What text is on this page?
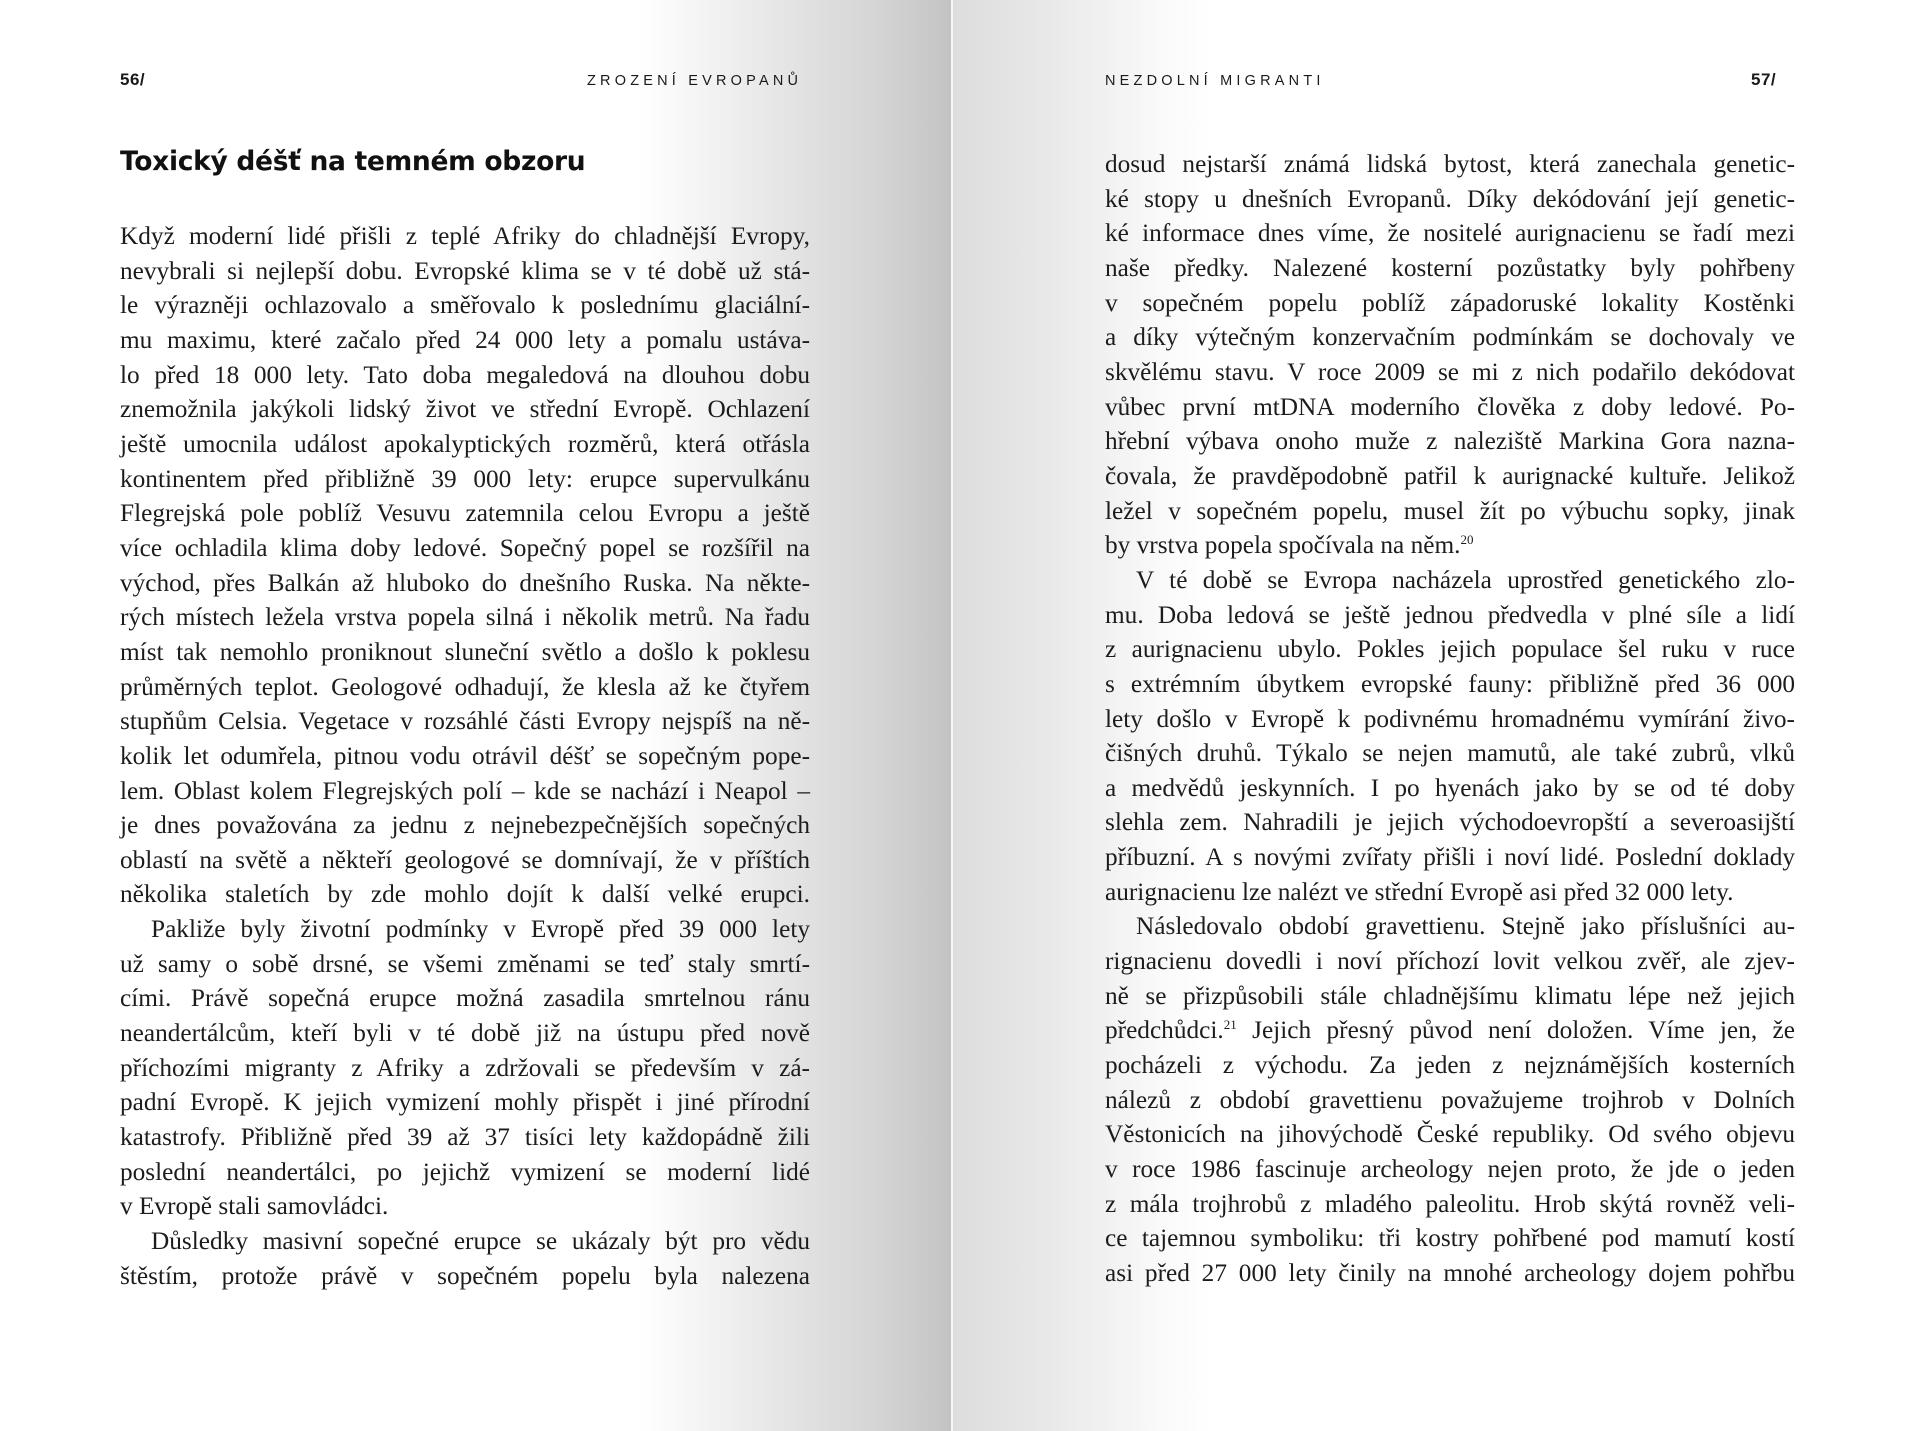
56/	ZROZENÍ EVROPANŮ
Toxický déšť na temném obzoru

Když moderní lidé přišli z teplé Afriky do chladnější Evropy,
nevybrali si nejlepší dobu. Evropské klima se v té době už stá-
le výrazněji ochlazovalo a směřovalo k poslednímu glaciální-
mu maximu, které začalo před 24 000 lety a pomalu ustáva-
lo před 18 000 lety. Tato doba megaledová na dlouhou dobu
znemožnila jakýkoli lidský život ve střední Evropě. Ochlazení
ještě umocnila událost apokalyptických rozměrů, která otřásla
kontinentem před přibližně 39 000 lety: erupce supervulkánu
Flegrejská pole poblíž Vesuvu zatemnila celou Evropu a ještě
více ochladila klima doby ledové. Sopečný popel se rozšířil na
východ, přes Balkán až hluboko do dnešního Ruska. Na někte-
rých místech ležela vrstva popela silná i několik metrů. Na řadu
míst tak nemohlo proniknout sluneční světlo a došlo k poklesu
průměrných teplot. Geologové odhadují, že klesla až ke čtyřem
stupňům Celsia. Vegetace v rozsáhlé části Evropy nejspíš na ně-
kolik let odumřela, pitnou vodu otrávil déšť se sopečným pope-
lem. Oblast kolem Flegrejských polí – kde se nachází i Neapol –
je dnes považována za jednu z nejnebezpečnějších sopečných
oblastí na světě a někteří geologové se domnívají, že v příštích
několika staletích by zde mohlo dojít k další velké erupci.

Pakliže byly životní podmínky v Evropě před 39 000 lety
už samy o sobě drsné, se všemi změnami se teď staly smrtí-
cími. Právě sopečná erupce možná zasadila smrtelnou ránu
neandertálcům, kteří byli v té době již na ústupu před nově
příchozími migranty z Afriky a zdržovali se především v zá-
padní Evropě. K jejich vymizení mohly přispět i jiné přírodní
katastrofy. Přibližně před 39 až 37 tisíci lety každopádně žili
poslední neandertálci, po jejichž vymizení se moderní lidé
v Evropě stali samovládci.

Důsledky masivní sopečné erupce se ukázaly být pro vědu
štěstím, protože právě v sopečném popelu byla nalezena

NEZDOLNÍ MIGRANTI	57/

dosud nejstarší známá lidská bytost, která zanechala genetic-
ké stopy u dnešních Evropanů. Díky dekódování její genetic-
ké informace dnes víme, že nositelé aurignacienu se řadí mezi
naše předky. Nalezené kosterní pozůstatky byly pohřbeny
v sopečném popelu poblíž západoruské lokality Kostěnki
a díky výtečným konzervačním podmínkám se dochovaly ve
skvělému stavu. V roce 2009 se mi z nich podařilo dekódovat
vůbec první mtDNA moderního člověka z doby ledové. Po-
hřební výbava onoho muže z naleziště Markina Gora nazna-
čovala, že pravděpodobně patřil k aurignacké kultuře. Jelikož
ležel v sopečném popelu, musel žít po výbuchu sopky, jinak
by vrstva popela spočívala na něm.$^{20}$

V té době se Evropa nacházela uprostřed genetického zlo-
mu. Doba ledová se ještě jednou předvedla v plné síle a lidí
z aurignacienu ubylo. Pokles jejich populace šel ruku v ruce
s extrémním úbytkem evropské fauny: přibližně před 36 000
lety došlo v Evropě k podivnému hromadnému vymírání živo-
čišných druhů. Týkalo se nejen mamutů, ale také zubrů, vlků
a medvědů jeskynních. I po hyenách jako by se od té doby
slehla zem. Nahradili je jejich východoevropští a severoasijští
příbuzní. A s novými zvířaty přišli i noví lidé. Poslední doklady
aurignacienu lze nalézt ve střední Evropě asi před 32 000 lety.

Následovalo období gravettienu. Stejně jako příslušníci au-
rignacienu dovedli i noví příchozí lovit velkou zvěř, ale zjev-
ně se přizpůsobili stále chladnějšímu klimatu lépe než jejich
předchůdci.$^{21}$ Jejich přesný původ není doložen. Víme jen, že
pocházeli z východu. Za jeden z nejznámějších kosterních
nálezů z období gravettienu považujeme trojhrob v Dolních
Věstonicích na jihovýchodě České republiky. Od svého objevu
v roce 1986 fascinuje archeology nejen proto, že jde o jeden
z mála trojhrobů z mladého paleolitu. Hrob skýtá rovněž veli-
ce tajemnou symboliku: tři kostry pohřbené pod mamutí kostí
asi před 27 000 lety činily na mnohé archeology dojem pohřbu
